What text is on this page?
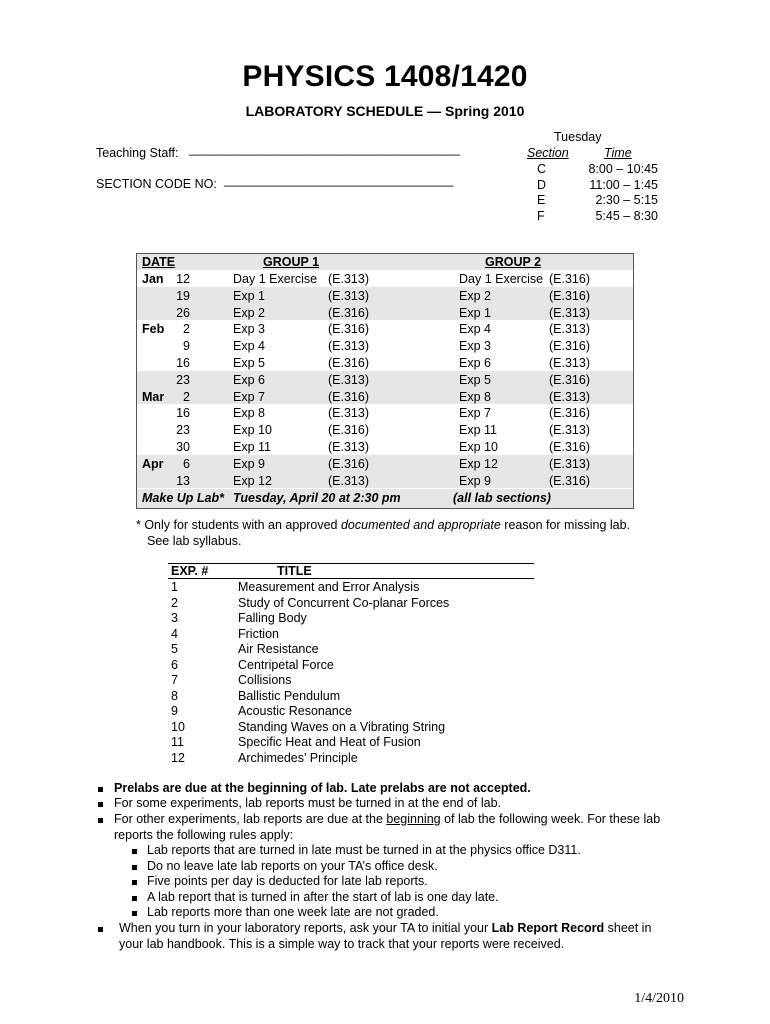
PHYSICS 1408/1420
LABORATORY SCHEDULE — Spring 2010
Teaching Staff: _______________________________________
SECTION CODE NO: _________________________________
Tuesday
Section	Time
C	8:00 – 10:45
D	11:00 – 1:45
E	2:30 – 5:15
F	5:45 – 8:30
DATE	GROUP 1	GROUP 2
Jan	12	Day 1 Exercise (E.313)	Day 1 Exercise (E.316)
19	Exp 1	(E.313)	Exp 2	(E.316)
26	Exp 2	(E.316)	Exp 1	(E.313)
Feb	2	Exp 3	(E.316)	Exp 4	(E.313)
9	Exp 4	(E.313)	Exp 3	(E.316)
16	Exp 5	(E.316)	Exp 6	(E.313)
23	Exp 6	(E.313)	Exp 5	(E.316)
Mar	2	Exp 7	(E.316)	Exp 8	(E.313)
16	Exp 8	(E.313)	Exp 7	(E.316)
23	Exp 10	(E.316)	Exp 11	(E.313)
30	Exp 11	(E.313)	Exp 10	(E.316)
Apr	6	Exp 9	(E.316)	Exp 12	(E.313)
13	Exp 12	(E.313)	Exp 9	(E.316)
Make Up Lab* Tuesday, April 20 at 2:30 pm	(all lab sections)
* Only for students with an approved documented and appropriate reason for missing lab.
See lab syllabus.
EXP. #	TITLE
1	Measurement and Error Analysis
2	Study of Concurrent Co-planar Forces
3	Falling Body
4	Friction
5	Air Resistance
6	Centripetal Force
7	Collisions
8	Ballistic Pendulum
9	Acoustic Resonance
10	Standing Waves on a Vibrating String
11	Specific Heat and Heat of Fusion
12	Archimedes’ Principle
Prelabs are due at the beginning of lab. Late prelabs are not accepted.
For some experiments, lab reports must be turned in at the end of lab.
For other experiments, lab reports are due at the beginning of lab the following week. For these lab
reports the following rules apply:
Lab reports that are turned in late must be turned in at the physics office D311.
Do no leave late lab reports on your TA’s office desk.
Five points per day is deducted for late lab reports.
A lab report that is turned in after the start of lab is one day late.
Lab reports more than one week late are not graded.
When you turn in your laboratory reports, ask your TA to initial your Lab Report Record sheet in
your lab handbook. This is a simple way to track that your reports were received.
1/4/2010
